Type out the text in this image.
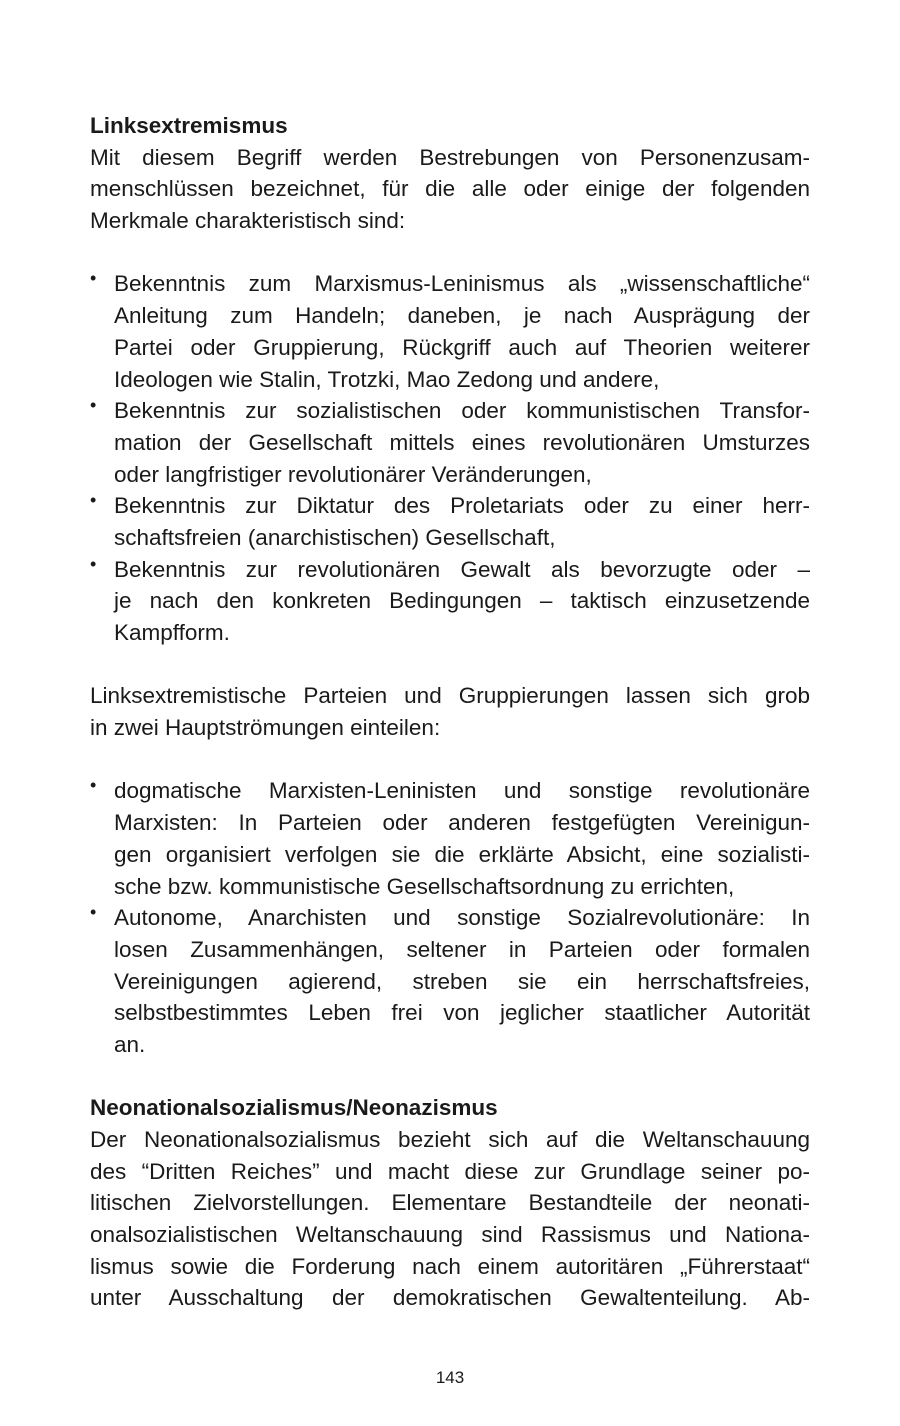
Linksextremismus
Mit diesem Begriff werden Bestrebungen von Personenzusam-
menschlüssen bezeichnet, für die alle oder einige der folgenden
Merkmale charakteristisch sind:
• Bekenntnis zum Marxismus-Leninismus als „wissenschaftliche“
Anleitung zum Handeln; daneben, je nach Ausprägung der
Partei oder Gruppierung, Rückgriff auch auf Theorien weiterer
Ideologen wie Stalin, Trotzki, Mao Zedong und andere,
• Bekenntnis zur sozialistischen oder kommunistischen Transfor-
mation der Gesellschaft mittels eines revolutionären Umsturzes
oder langfristiger revolutionärer Veränderungen,
• Bekenntnis zur Diktatur des Proletariats oder zu einer herr-
schaftsfreien (anarchistischen) Gesellschaft,
• Bekenntnis zur revolutionären Gewalt als bevorzugte oder –
je nach den konkreten Bedingungen – taktisch einzusetzende
Kampfform.
Linksextremistische Parteien und Gruppierungen lassen sich grob
in zwei Hauptströmungen einteilen:
• dogmatische Marxisten-Leninisten und sonstige revolutionäre
Marxisten: In Parteien oder anderen festgefügten Vereinigun-
gen organisiert verfolgen sie die erklärte Absicht, eine sozialisti-
sche bzw. kommunistische Gesellschaftsordnung zu errichten,
• Autonome, Anarchisten und sonstige Sozialrevolutionäre: In
losen Zusammenhängen, seltener in Parteien oder formalen
Vereinigungen agierend, streben sie ein herrschaftsfreies,
selbstbestimmtes Leben frei von jeglicher staatlicher Autorität
an.
Neonationalsozialismus/Neonazismus
Der Neonationalsozialismus bezieht sich auf die Weltanschauung
des “Dritten Reiches” und macht diese zur Grundlage seiner po-
litischen Zielvorstellungen. Elementare Bestandteile der neonati-
onalsozialistischen Weltanschauung sind Rassismus und Nationa-
lismus sowie die Forderung nach einem autoritären „Führerstaat“
unter Ausschaltung der demokratischen Gewaltenteilung. Ab-
143
